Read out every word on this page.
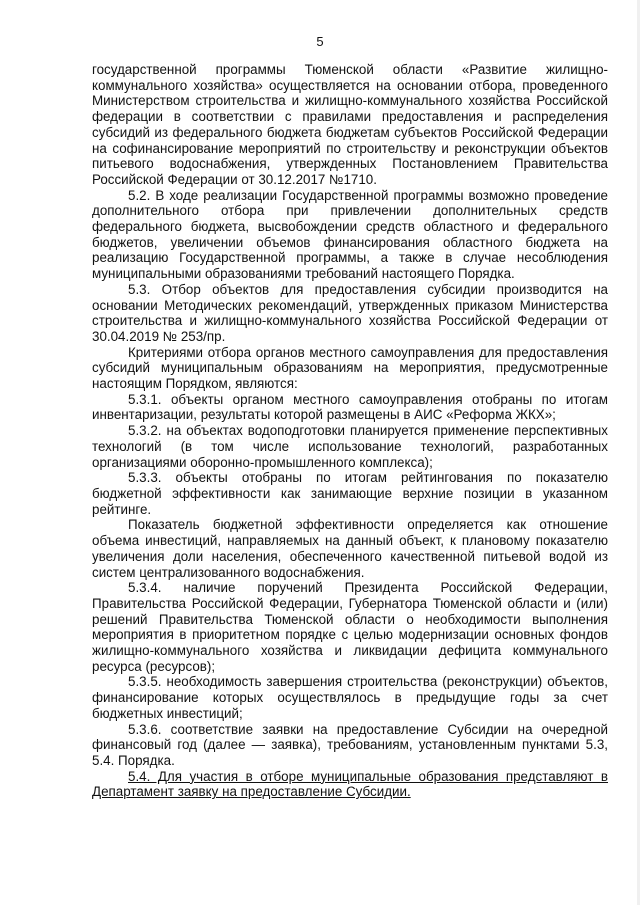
5

государственной программы Тюменской области «Развитие жилищно-коммунального хозяйства» осуществляется на основании отбора, проведенного Министерством строительства и жилищно-коммунального хозяйства Российской федерации в соответствии с правилами предоставления и распределения субсидий из федерального бюджета бюджетам субъектов Российской Федерации на софинансирование мероприятий по строительству и реконструкции объектов питьевого водоснабжения, утвержденных Постановлением Правительства Российской Федерации от 30.12.2017 №1710.

5.2. В ходе реализации Государственной программы возможно проведение дополнительного отбора при привлечении дополнительных средств федерального бюджета, высвобождении средств областного и федерального бюджетов, увеличении объемов финансирования областного бюджета на реализацию Государственной программы, а также в случае несоблюдения муниципальными образованиями требований настоящего Порядка.

5.3. Отбор объектов для предоставления субсидии производится на основании Методических рекомендаций, утвержденных приказом Министерства строительства и жилищно-коммунального хозяйства Российской Федерации от 30.04.2019 № 253/пр.

Критериями отбора органов местного самоуправления для предоставления субсидий муниципальным образованиям на мероприятия, предусмотренные настоящим Порядком, являются:

5.3.1. объекты органом местного самоуправления отобраны по итогам инвентаризации, результаты которой размещены в АИС «Реформа ЖКХ»;

5.3.2. на объектах водоподготовки планируется применение перспективных технологий (в том числе использование технологий, разработанных организациями оборонно-промышленного комплекса);

5.3.3. объекты отобраны по итогам рейтингования по показателю бюджетной эффективности как занимающие верхние позиции в указанном рейтинге.

Показатель бюджетной эффективности определяется как отношение объема инвестиций, направляемых на данный объект, к плановому показателю увеличения доли населения, обеспеченного качественной питьевой водой из систем централизованного водоснабжения.

5.3.4. наличие поручений Президента Российской Федерации, Правительства Российской Федерации, Губернатора Тюменской области и (или) решений Правительства Тюменской области о необходимости выполнения мероприятия в приоритетном порядке с целью модернизации основных фондов жилищно-коммунального хозяйства и ликвидации дефицита коммунального ресурса (ресурсов);

5.3.5. необходимость завершения строительства (реконструкции) объектов, финансирование которых осуществлялось в предыдущие годы за счет бюджетных инвестиций;

5.3.6. соответствие заявки на предоставление Субсидии на очередной финансовый год (далее — заявка), требованиям, установленным пунктами 5.3, 5.4. Порядка.

5.4. Для участия в отборе муниципальные образования представляют в Департамент заявку на предоставление Субсидии.
